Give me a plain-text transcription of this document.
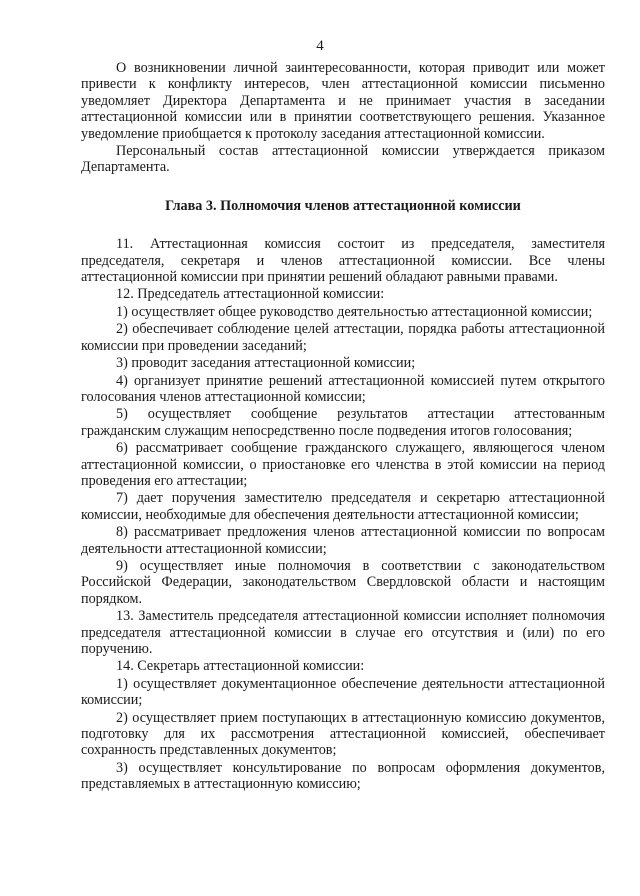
4

О возникновении личной заинтересованности, которая приводит или может привести к конфликту интересов, член аттестационной комиссии письменно уведомляет Директора Департамента и не принимает участия в заседании аттестационной комиссии или в принятии соответствующего решения. Указанное уведомление приобщается к протоколу заседания аттестационной комиссии.

Персональный состав аттестационной комиссии утверждается приказом Департамента.

Глава 3. Полномочия членов аттестационной комиссии

11. Аттестационная комиссия состоит из председателя, заместителя председателя, секретаря и членов аттестационной комиссии. Все члены аттестационной комиссии при принятии решений обладают равными правами.

12. Председатель аттестационной комиссии:

1) осуществляет общее руководство деятельностью аттестационной комиссии;

2) обеспечивает соблюдение целей аттестации, порядка работы аттестационной комиссии при проведении заседаний;

3) проводит заседания аттестационной комиссии;

4) организует принятие решений аттестационной комиссией путем открытого голосования членов аттестационной комиссии;

5) осуществляет сообщение результатов аттестации аттестованным гражданским служащим непосредственно после подведения итогов голосования;

6) рассматривает сообщение гражданского служащего, являющегося членом аттестационной комиссии, о приостановке его членства в этой комиссии на период проведения его аттестации;

7) дает поручения заместителю председателя и секретарю аттестационной комиссии, необходимые для обеспечения деятельности аттестационной комиссии;

8) рассматривает предложения членов аттестационной комиссии по вопросам деятельности аттестационной комиссии;

9) осуществляет иные полномочия в соответствии с законодательством Российской Федерации, законодательством Свердловской области и настоящим порядком.

13. Заместитель председателя аттестационной комиссии исполняет полномочия председателя аттестационной комиссии в случае его отсутствия и (или) по его поручению.

14. Секретарь аттестационной комиссии:

1) осуществляет документационное обеспечение деятельности аттестационной комиссии;

2) осуществляет прием поступающих в аттестационную комиссию документов, подготовку для их рассмотрения аттестационной комиссией, обеспечивает сохранность представленных документов;

3) осуществляет консультирование по вопросам оформления документов, представляемых в аттестационную комиссию;
